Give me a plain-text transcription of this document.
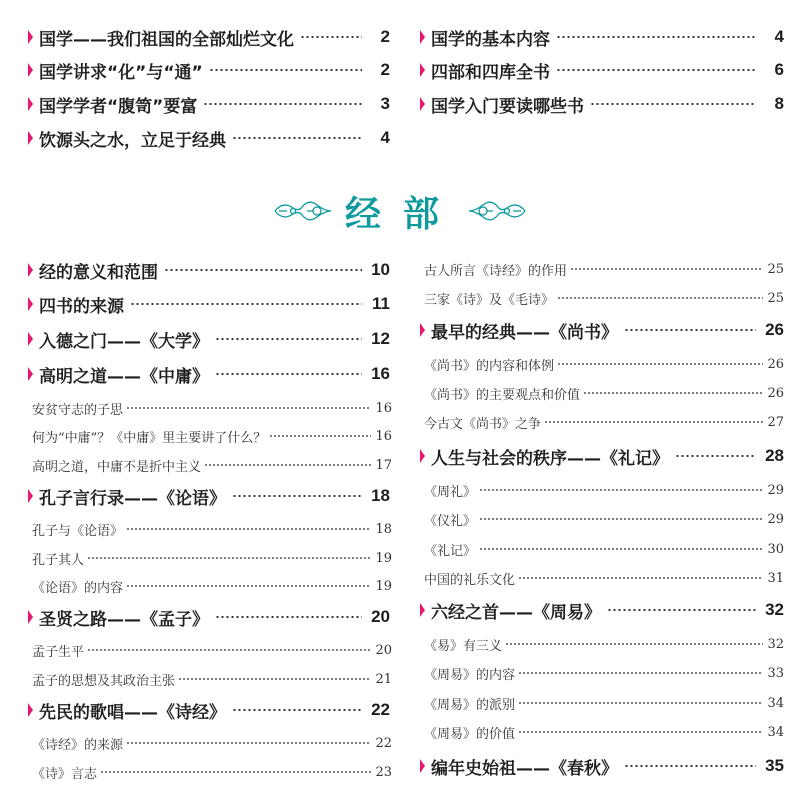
国学——我们祖国的全部灿烂文化	2
国学讲求“化”与“通”	2
国学学者“腹笥”要富	3
饮源头之水，立足于经典	4
国学的基本内容	4
四部和四库全书	6
国学入门要读哪些书	8
经部
经的意义和范围	10
四书的来源	11
入德之门——《大学》	12
高明之道——《中庸》	16
安贫守志的子思	16
何为“中庸”？《中庸》里主要讲了什么？	16
高明之道，中庸不是折中主义	17
孔子言行录——《论语》	18
孔子与《论语》	18
孔子其人	19
《论语》的内容	19
圣贤之路——《孟子》	20
孟子生平	20
孟子的思想及其政治主张	21
先民的歌唱——《诗经》	22
《诗经》的来源	22
《诗》言志	23
古人所言《诗经》的作用	25
三家《诗》及《毛诗》	25
最早的经典——《尚书》	26
《尚书》的内容和体例	26
《尚书》的主要观点和价值	26
今古文《尚书》之争	27
人生与社会的秩序——《礼记》	28
《周礼》	29
《仪礼》	29
《礼记》	30
中国的礼乐文化	31
六经之首——《周易》	32
《易》有三义	32
《周易》的内容	33
《周易》的派别	34
《周易》的价值	34
编年史始祖——《春秋》	35
